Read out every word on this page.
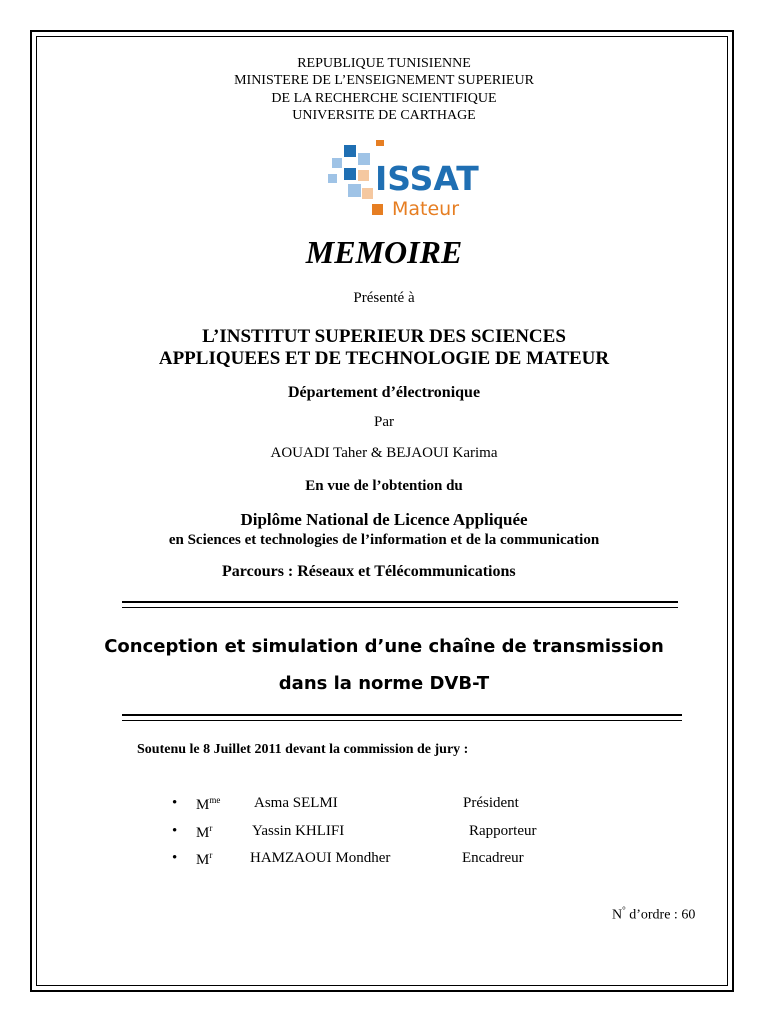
REPUBLIQUE TUNISIENNE
MINISTERE DE L’ENSEIGNEMENT SUPERIEUR
DE LA RECHERCHE SCIENTIFIQUE
UNIVERSITE DE CARTHAGE
ISSAT
Mateur
MEMOIRE
Présenté à
L’INSTITUT SUPERIEUR DES SCIENCES
APPLIQUEES ET DE TECHNOLOGIE DE MATEUR
Département d’électronique
Par
AOUADI Taher & BEJAOUI Karima
En vue de l’obtention du
Diplôme National de Licence Appliquée
en Sciences et technologies de l’information et de la communication
Parcours : Réseaux et Télécommunications
Conception et simulation d’une chaîne de transmission
dans la norme DVB-T
Soutenu le 8 Juillet 2011 devant la commission de jury :
• $M^{me}$ Asma SELMI	Président
• $M^r$	Yassin KHLIFI	Rapporteur
• $M^r$	HAMZAOUI Mondher	Encadreur
N° d’ordre : 60
